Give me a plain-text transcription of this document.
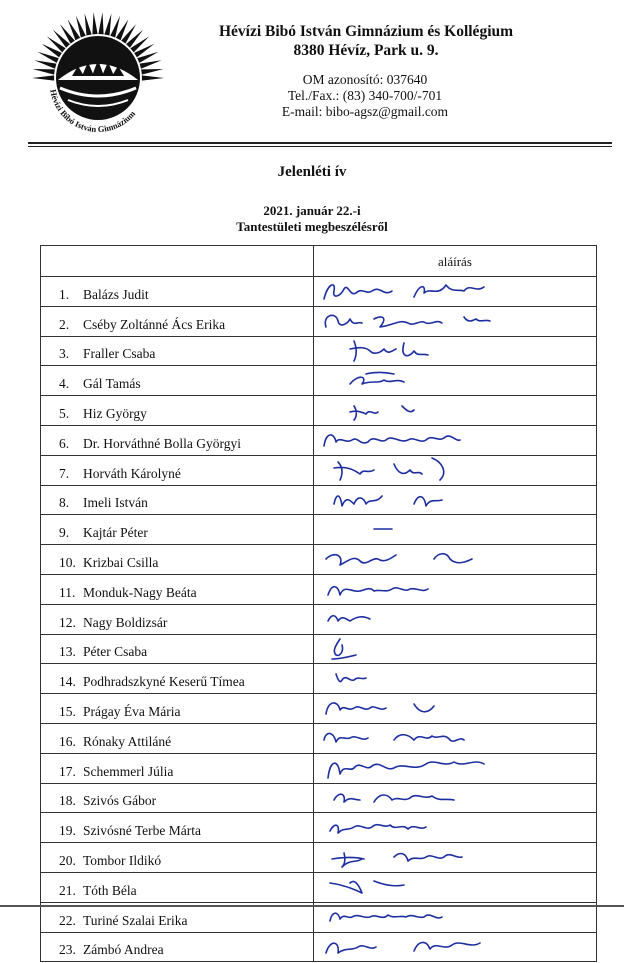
Hévízi Bibó István Gimnázium
Hévízi Bibó István Gimnázium és Kollégium
8380 Hévíz, Park u. 9.
OM azonosító: 037640
Tel./Fax.: (83) 340-700/-701
E-mail: bibo-agsz@gmail.com
Jelenléti ív
2021. január 22.-i
Tantestületi megbeszélésről

	aláírás

1. Balázs Judit	

2. Cséby Zoltánné Ács Erika	

3. Fraller Csaba	

4. Gál Tamás	

5. Hiz György	

6. Dr. Horváthné Bolla Györgyi	

7. Horváth Károlyné	

8. Imeli István	

9. Kajtár Péter	

10. Krizbai Csilla	

11. Monduk-Nagy Beáta	

12. Nagy Boldizsár	

13. Péter Csaba	

14. Podhradszkyné Keserű Tímea	

15. Prágay Éva Mária	

16. Rónaky Attiláné	

17. Schemmerl Júlia	

18. Szivós Gábor	

19. Szivósné Terbe Márta	

20. Tombor Ildikó	

21. Tóth Béla	

22. Turiné Szalai Erika	

23. Zámbó Andrea	
